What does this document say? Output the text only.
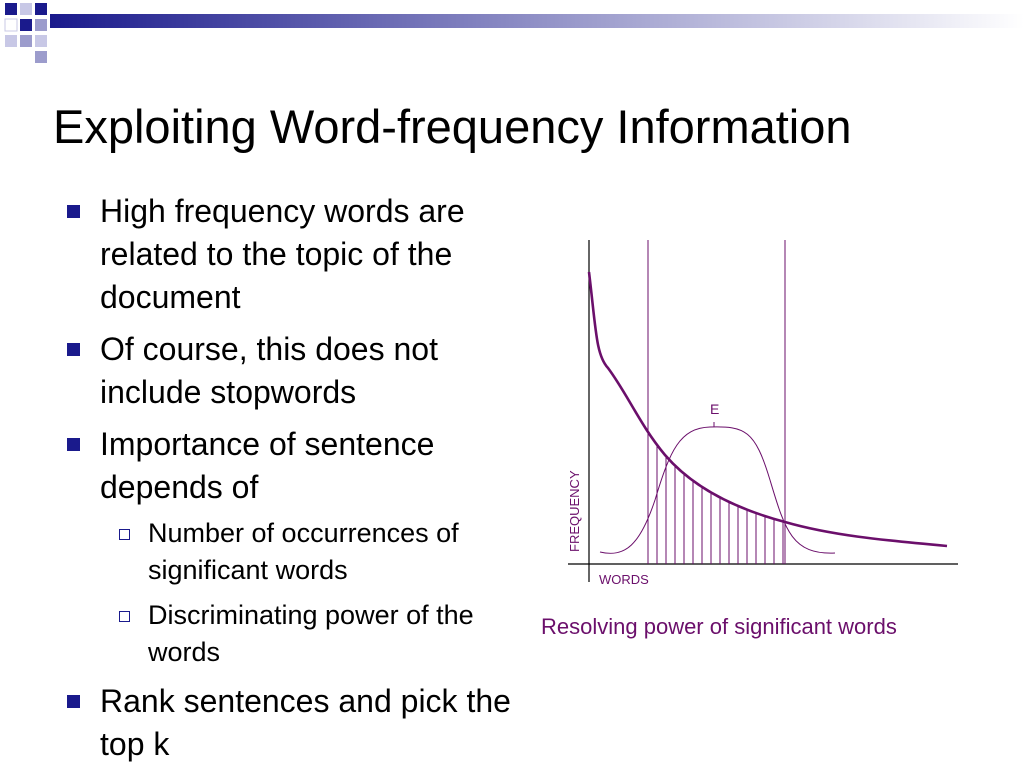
Exploiting Word-frequency Information
High frequency words are related to the topic of the document
Of course, this does not include stopwords
Importance of sentence depends of
Number of occurrences of significant words
Discriminating power of the words
Rank sentences and pick the top k
E
FREQUENCY
WORDS
Resolving power of significant words
